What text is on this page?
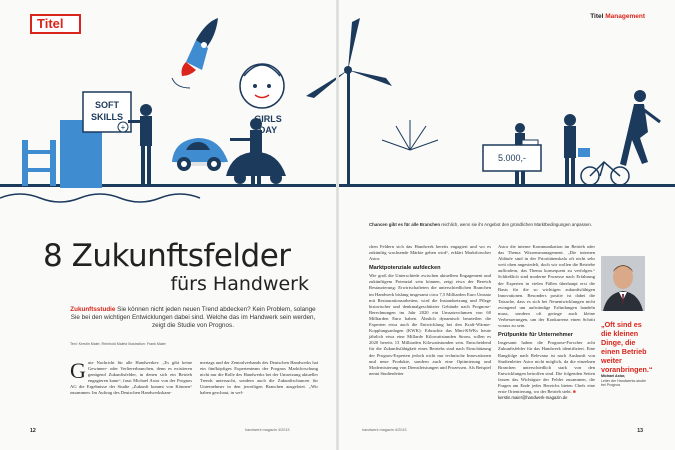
SOFT
SKILLS
+
GIRLS
DAY
5.000,-
Titel	Titel Management
Chancen gibt es für alle Branchen reichlich, wenn sie ihr Angebot den gründlichen Marktbedingungen anpassen.
8 Zukunftsfelder
fürs Handwerk
Zukunftsstudie Sie können nicht jeden neuen Trend abdecken? Kein Problem, solange Sie bei den wichtigen Entwicklungen dabei sind. Welche das im Handwerk sein werden, zeigt die Studie von Prognos.
Text: Kerstin Maier, Reinhold Maletz Illustration: Frank Maier
Gute Nachricht für alle Handwerker: „Es gibt keine Gewinner- oder Verliererbranchen, denn es existieren genügend Zukunftsfelder, in denen sich ein Betrieb engagieren kann“, fasst Michael Astor von der Prognos AG die Ergebnisse der Studie „Zukunft kommt von Können“ zusammen. Im Auftrag des Deutschen Handwerkskam-
mertags und der Zentralverbands des Deutschen Handwerks hat ein fünfköpfiges Expertenteam der Prognos Marktforschung nicht nur die Rolle des Handwerks bei der Umsetzung aktueller Trends untersucht, sondern auch die Zukunftschancen für Unternehmer in den jeweiligen Branchen ausgelotet. „Wir haben geschaut, in wel-
chen Feldern sich das Handwerk bereits engagiert und wo es zukünftig wachsende Märkte geben wird“, erklärt Marktforscher Astor.
Marktpotenziale aufdecken
Wie groß die Unterschiede zwischen aktuellem Engagement und zukünftigem Potenzial sein können, zeigt etwa der Bereich Restaurierung: Erwirtschafteten die unterschiedlichen Branchen im Handwerk bislang insgesamt circa 7,5 Milliarden Euro Umsatz mit Restaurationsarbeiten, wird die Instandsetzung und Pflege historischer und denkmalgeschützter Gebäude nach Prognose-Berechnungen im Jahr 2020 ein Umsatzvolumen von 60 Milliarden Euro haben. Ähnlich dynamisch beurteilen die Experten etwa auch die Entwicklung bei den Kraft-Wärme-Kopplungsanlagen (KWK): Erbrachte das Mini-KWKs heute jährlich etwa eine Millarde Kilowattstunden Strom, sollen es 2020 bereits 13 Milliarden Kilowattstunden sein. Entscheidend für die Zukunftsfähigkeit eines Betriebs sind nach Einschätzung der Prognos-Experten jedoch nicht nur technische Innovationen und neue Produkte, sondern auch eine Optimierung und Modernisierung von Dienstleistungen und Prozessen. Als Beispiel nennt Studienleiter
Astor die interne Kommunikation im Betrieb oder das Thema Wissensmanagement. „Die internen Abläufe sind in der Prioritätenskala oft nicht sehr weit oben angesiedelt, doch wir wollen die Betriebe auffordern, das Thema konsequent zu verfolgen.“ Schließlich sind moderne Prozesse nach Erfahrung der Experten in vielen Fällen überhaupt erst die Basis für die so wichtigen zukunftsfähigen Innovationen. Besonders positiv ist dabei die Tatsache, dass es sich bei Neuentwicklungen nicht zwingend um aufwändige Erfindungen handeln muss, sondern oft geringe auch kleine Verbesserungen, um der Konkurrenz einen Schritt voraus zu sein.
Prüfpunkte für Unternehmer
Insgesamt haben die Prognose-Forscher acht Zukunftsfelder für das Handwerk identifiziert. Eine Rangfolge nach Relevanz ist nach Auskunft von Studienleiter Astor nicht möglich, da die einzelnen Branchen unterschiedlich stark von den Entwicklungen betroffen sind. Die folgenden Seiten fassen das Wichtigste der Felder zusammen, die Fragen am Ende jedes Bereichs bieten Chefs eine erste Orientierung, wo der Betrieb steht. ■
kerstin.maier@handwerk-magazin.de
„Oft sind es die kleinen Dinge, die einen Betrieb weiter voranbringen.“
Michael Astor,
Leiter der Handwerks-studie bei Prognos
12	handwerk magazin 4/2013	handwerk magazin 4/2013	13
